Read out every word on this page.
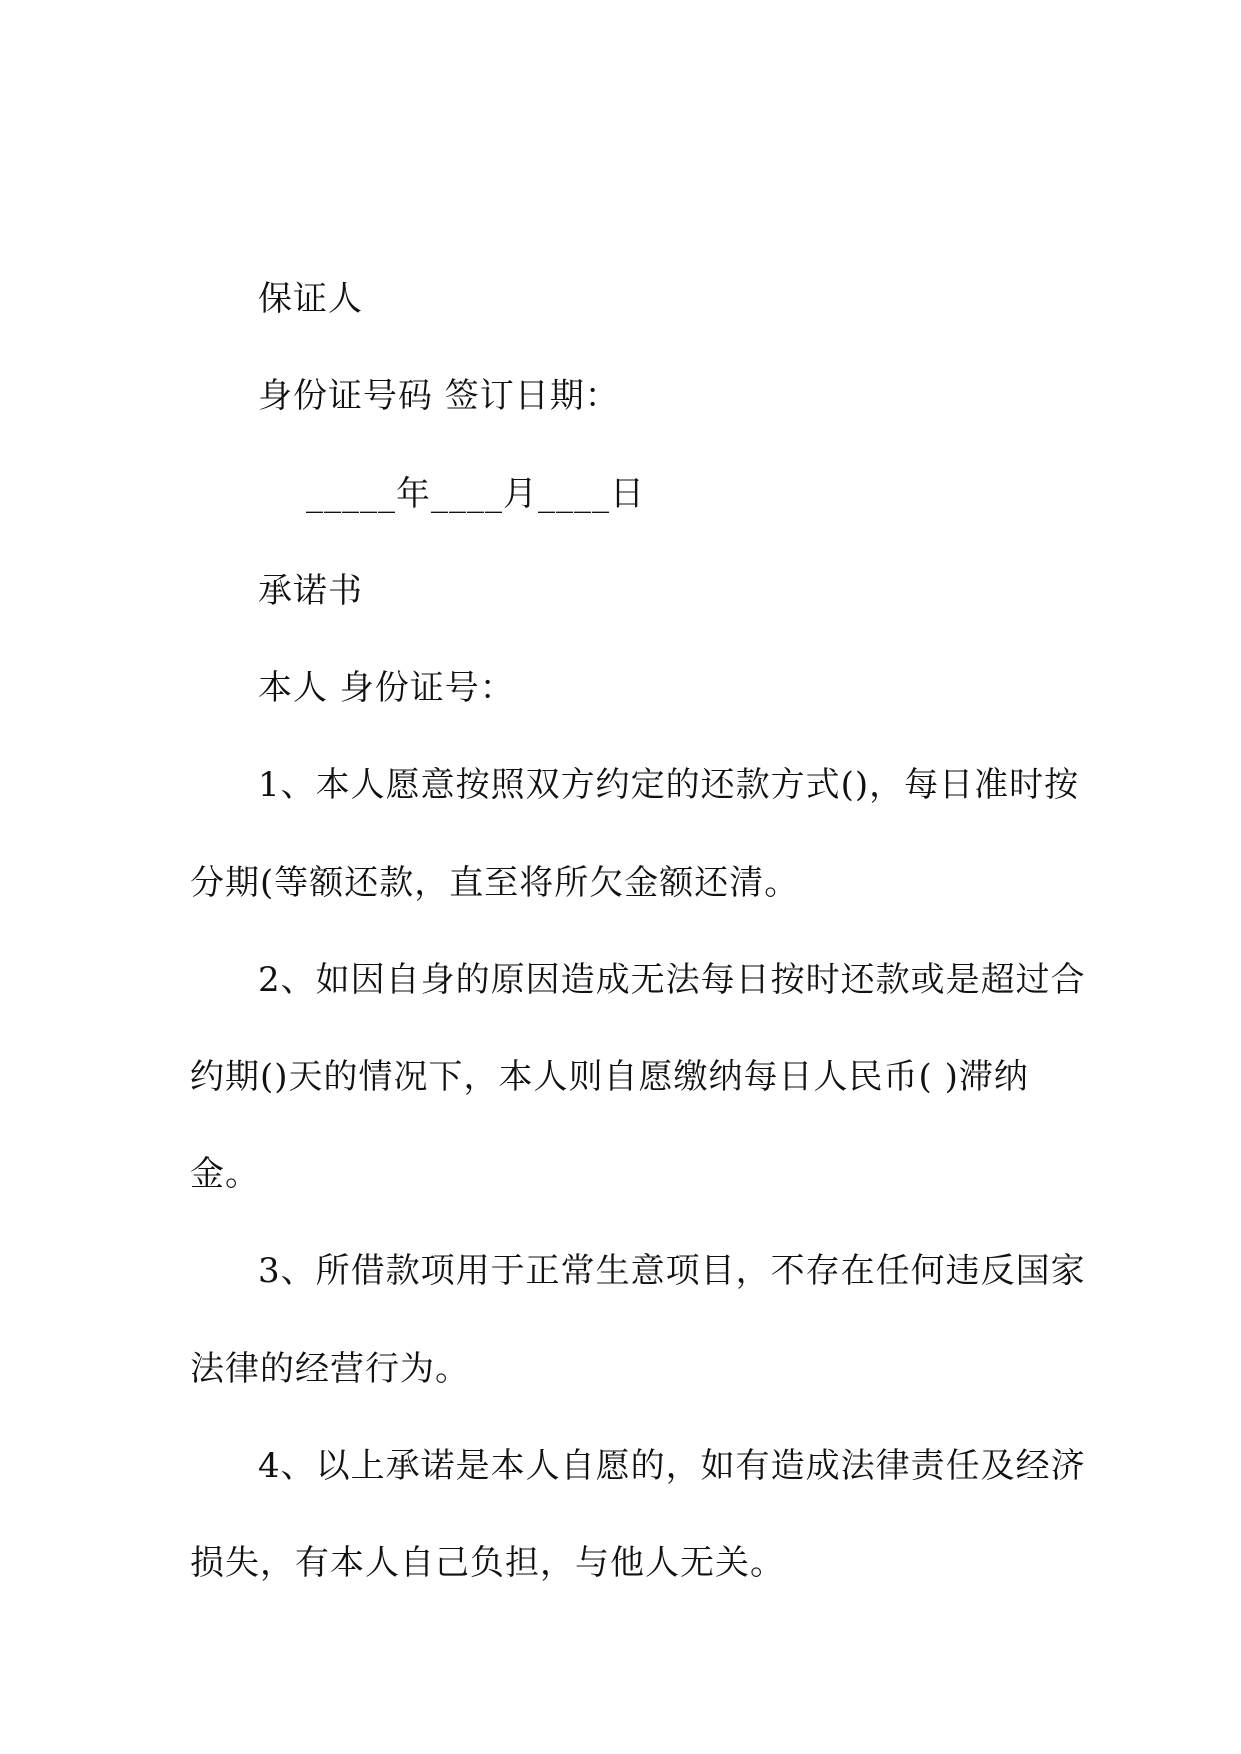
保证人
身份证号码 签订日期：
_____年____月____日
承诺书
本人 身份证号：
1、本人愿意按照双方约定的还款方式()，每日准时按
分期(等额还款，直至将所欠金额还清。
2、如因自身的原因造成无法每日按时还款或是超过合
约期()天的情况下，本人则自愿缴纳每日人民币( )滞纳
金。
3、所借款项用于正常生意项目，不存在任何违反国家
法律的经营行为。
4、以上承诺是本人自愿的，如有造成法律责任及经济
损失，有本人自己负担，与他人无关。
